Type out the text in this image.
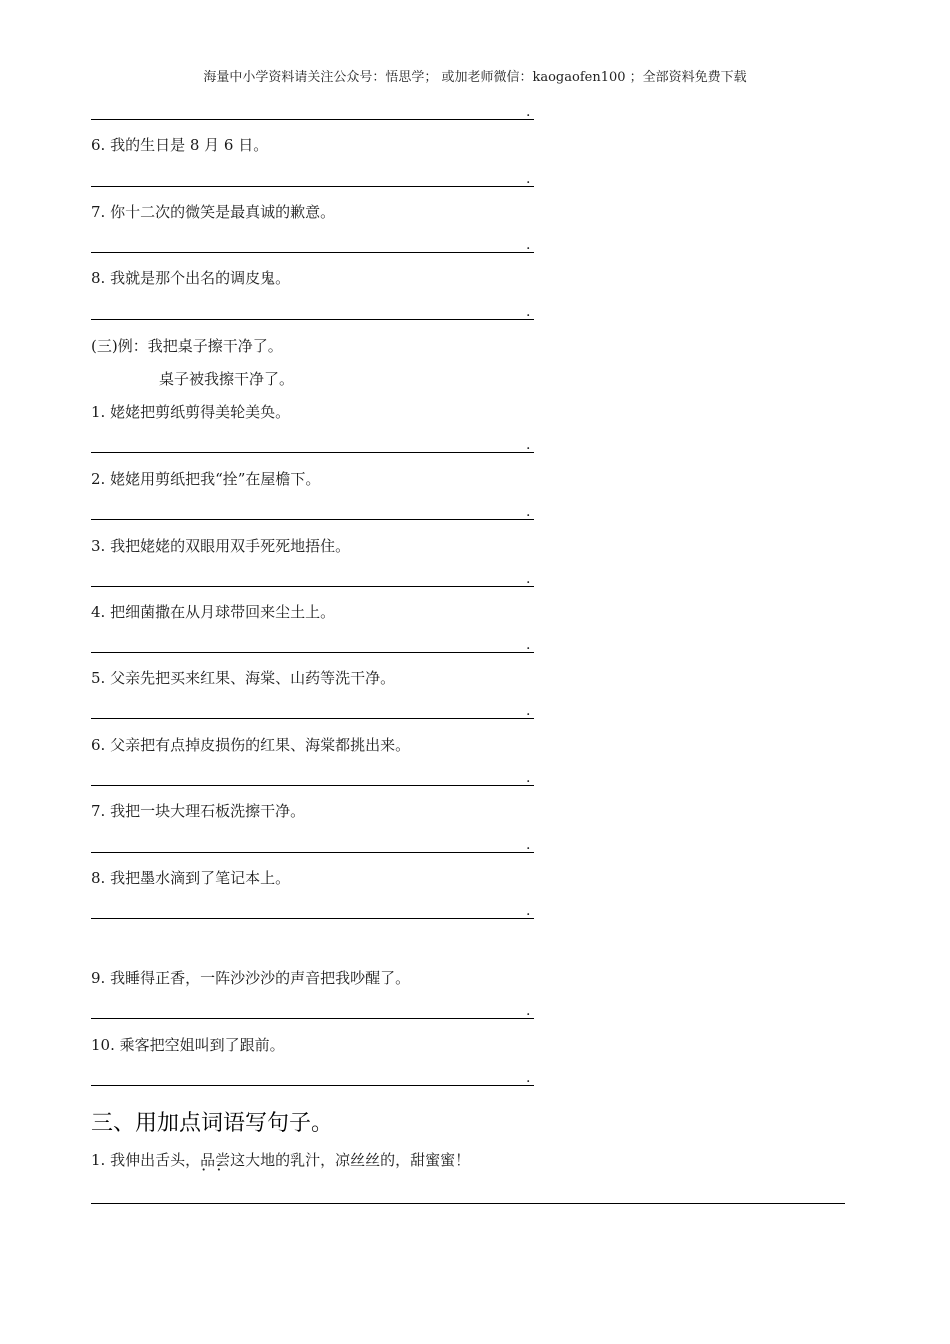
海量中小学资料请关注公众号：悟思学； 或加老师微信：kaogaofen100 ；全部资料免费下载
.
6. 我的生日是 8 月 6 日。
.
7. 你十二次的微笑是最真诚的歉意。
.
8. 我就是那个出名的调皮鬼。
.
(三)例：我把桌子擦干净了。
桌子被我擦干净了。
1. 姥姥把剪纸剪得美轮美奂。
.
2. 姥姥用剪纸把我“拴”在屋檐下。
.
3. 我把姥姥的双眼用双手死死地捂住。
.
4. 把细菌撒在从月球带回来尘土上。
.
5. 父亲先把买来红果、海棠、山药等洗干净。
.
6. 父亲把有点掉皮损伤的红果、海棠都挑出来。
.
7. 我把一块大理石板洗擦干净。
.
8. 我把墨水滴到了笔记本上。
.
9. 我睡得正香，一阵沙沙沙的声音把我吵醒了。
.
10. 乘客把空姐叫到了跟前。
.
三、用加点词语写句子。
1. 我伸出舌头，品尝 ·  ·这大地的乳汁，凉丝丝的，甜蜜蜜！
